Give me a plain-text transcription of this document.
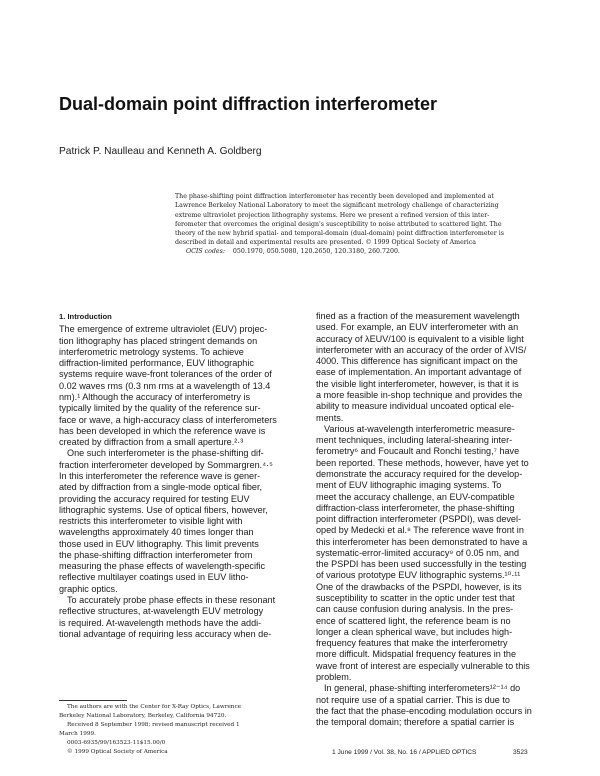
Dual-domain point diffraction interferometer
Patrick P. Naulleau and Kenneth A. Goldberg

The phase-shifting point diffraction interferometer has recently been developed and implemented at

Lawrence Berkeley National Laboratory to meet the significant metrology challenge of characterizing

extreme ultraviolet projection lithography systems. Here we present a refined version of this inter-

ferometer that overcomes the original design's susceptibility to noise attributed to scattered light. The

theory of the new hybrid spatial- and temporal-domain (dual-domain) point diffraction interferometer is

described in detail and experimental results are presented. © 1999 Optical Society of America

OCIS codes: 050.1970, 050.5080, 120.2650, 120.3180, 260.7200.

1. Introduction

The emergence of extreme ultraviolet (EUV) projec-

tion lithography has placed stringent demands on

interferometric metrology systems. To achieve

diffraction-limited performance, EUV lithographic

systems require wave-front tolerances of the order of

0.02 waves rms (0.3 nm rms at a wavelength of 13.4

nm).¹ Although the accuracy of interferometry is

typically limited by the quality of the reference sur-

face or wave, a high-accuracy class of interferometers

has been developed in which the reference wave is

created by diffraction from a small aperture.²·³

One such interferometer is the phase-shifting dif-

fraction interferometer developed by Sommargren.⁴·⁵

In this interferometer the reference wave is gener-

ated by diffraction from a single-mode optical fiber,

providing the accuracy required for testing EUV

lithographic systems. Use of optical fibers, however,

restricts this interferometer to visible light with

wavelengths approximately 40 times longer than

those used in EUV lithography. This limit prevents

the phase-shifting diffraction interferometer from

measuring the phase effects of wavelength-specific

reflective multilayer coatings used in EUV litho-

graphic optics.

To accurately probe phase effects in these resonant

reflective structures, at-wavelength EUV metrology

is required. At-wavelength methods have the addi-

tional advantage of requiring less accuracy when de-

fined as a fraction of the measurement wavelength

used. For example, an EUV interferometer with an

accuracy of λEUV/100 is equivalent to a visible light

interferometer with an accuracy of the order of λVIS/

4000. This difference has significant impact on the

ease of implementation. An important advantage of

the visible light interferometer, however, is that it is

a more feasible in-shop technique and provides the

ability to measure individual uncoated optical ele-

ments.

Various at-wavelength interferometric measure-

ment techniques, including lateral-shearing inter-

ferometry⁶ and Foucault and Ronchi testing,⁷ have

been reported. These methods, however, have yet to

demonstrate the accuracy required for the develop-

ment of EUV lithographic imaging systems. To

meet the accuracy challenge, an EUV-compatible

diffraction-class interferometer, the phase-shifting

point diffraction interferometer (PSPDI), was devel-

oped by Medecki et al.⁸ The reference wave front in

this interferometer has been demonstrated to have a

systematic-error-limited accuracy⁹ of 0.05 nm, and

the PSPDI has been used successfully in the testing

of various prototype EUV lithographic systems.¹⁰·¹¹

One of the drawbacks of the PSPDI, however, is its

susceptibility to scatter in the optic under test that

can cause confusion during analysis. In the pres-

ence of scattered light, the reference beam is no

longer a clean spherical wave, but includes high-

frequency features that make the interferometry

more difficult. Midspatial frequency features in the

wave front of interest are especially vulnerable to this

problem.

In general, phase-shifting interferometers¹²⁻¹⁴ do

not require use of a spatial carrier. This is due to

the fact that the phase-encoding modulation occurs in

the temporal domain; therefore a spatial carrier is

The authors are with the Center for X-Ray Optics, Lawrence

Berkeley National Laboratory, Berkeley, California 94720.

Received 8 September 1998; revised manuscript received 1

March 1999.

0003-6935/99/163523-11$15.00/0

© 1999 Optical Society of America	1 June 1999 / Vol. 38, No. 16 / APPLIED OPTICS	3523
